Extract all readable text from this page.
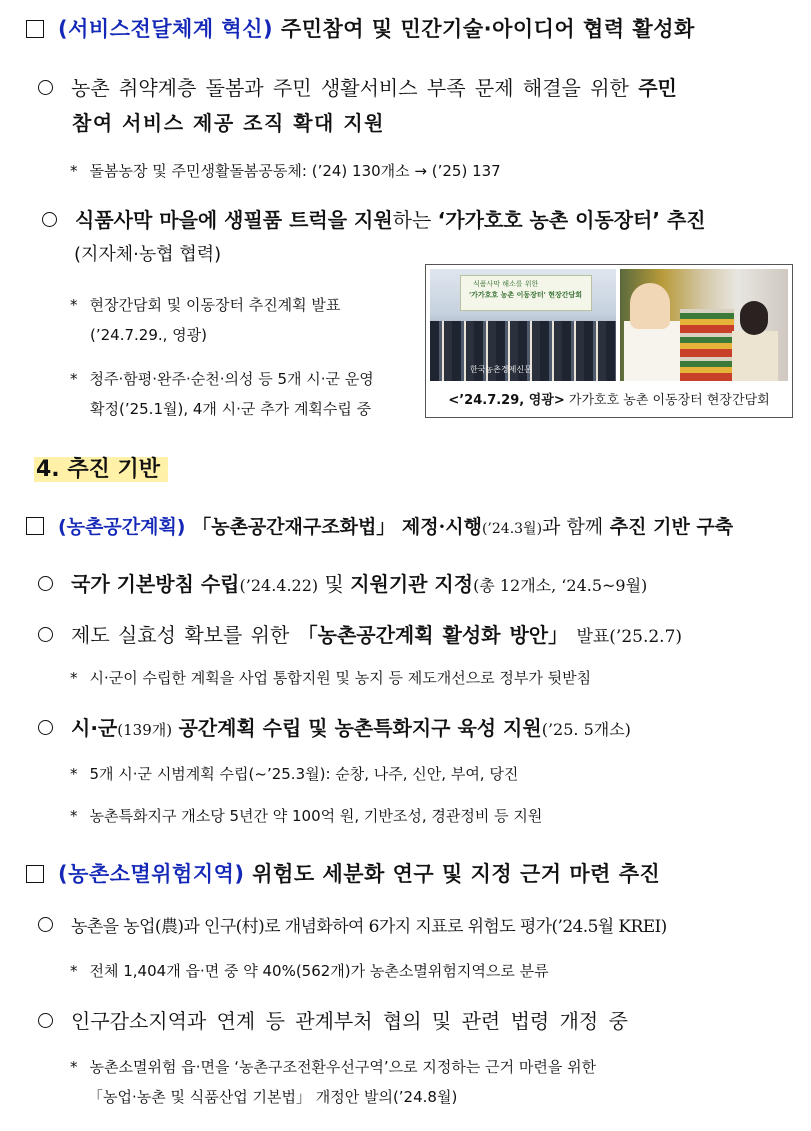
(서비스전달체계 혁신) 주민참여 및 민간기술·아이디어 협력 활성화
농촌 취약계층 돌봄과 주민 생활서비스 부족 문제 해결을 위한 주민
참여 서비스 제공 조직 확대 지원
* 돌봄농장 및 주민생활돌봄공동체: (’24) 130개소 → (’25) 137
식품사막 마을에 생필품 트럭을 지원하는 ‘가가호호 농촌 이동장터’ 추진
(지자체·농협 협력)
* 현장간담회 및 이동장터 추진계획 발표
(’24.7.29., 영광)
* 청주·함평·완주·순천·의성 등 5개 시·군 운영
확정(’25.1월), 4개 시·군 추가 계획수립 중
식품사막 해소를 위한
'가가호호 농촌 이동장터' 현장간담회
한국농촌경제신문
<’24.7.29, 영광> 가가호호 농촌 이동장터 현장간담회
4. 추진 기반
(농촌공간계획) 「농촌공간재구조화법」 제정·시행(’24.3월)과 함께 추진 기반 구축
국가 기본방침 수립(’24.4.22) 및 지원기관 지정(총 12개소, ‘24.5~9월)
제도 실효성 확보를 위한 「농촌공간계획 활성화 방안」 발표(’25.2.7)
* 시·군이 수립한 계획을 사업 통합지원 및 농지 등 제도개선으로 정부가 뒷받침
시·군(139개) 공간계획 수립 및 농촌특화지구 육성 지원(’25. 5개소)
* 5개 시·군 시범계획 수립(~’25.3월): 순창, 나주, 신안, 부여, 당진
* 농촌특화지구 개소당 5년간 약 100억 원, 기반조성, 경관정비 등 지원
(농촌소멸위험지역) 위험도 세분화 연구 및 지정 근거 마련 추진
농촌을 농업(農)과 인구(村)로 개념화하여 6가지 지표로 위험도 평가(’24.5월 KREI)
* 전체 1,404개 읍·면 중 약 40%(562개)가 농촌소멸위험지역으로 분류
인구감소지역과 연계 등 관계부처 협의 및 관련 법령 개정 중
* 농촌소멸위험 읍·면을 ‘농촌구조전환우선구역’으로 지정하는 근거 마련을 위한
「농업·농촌 및 식품산업 기본법」 개정안 발의(’24.8월)
